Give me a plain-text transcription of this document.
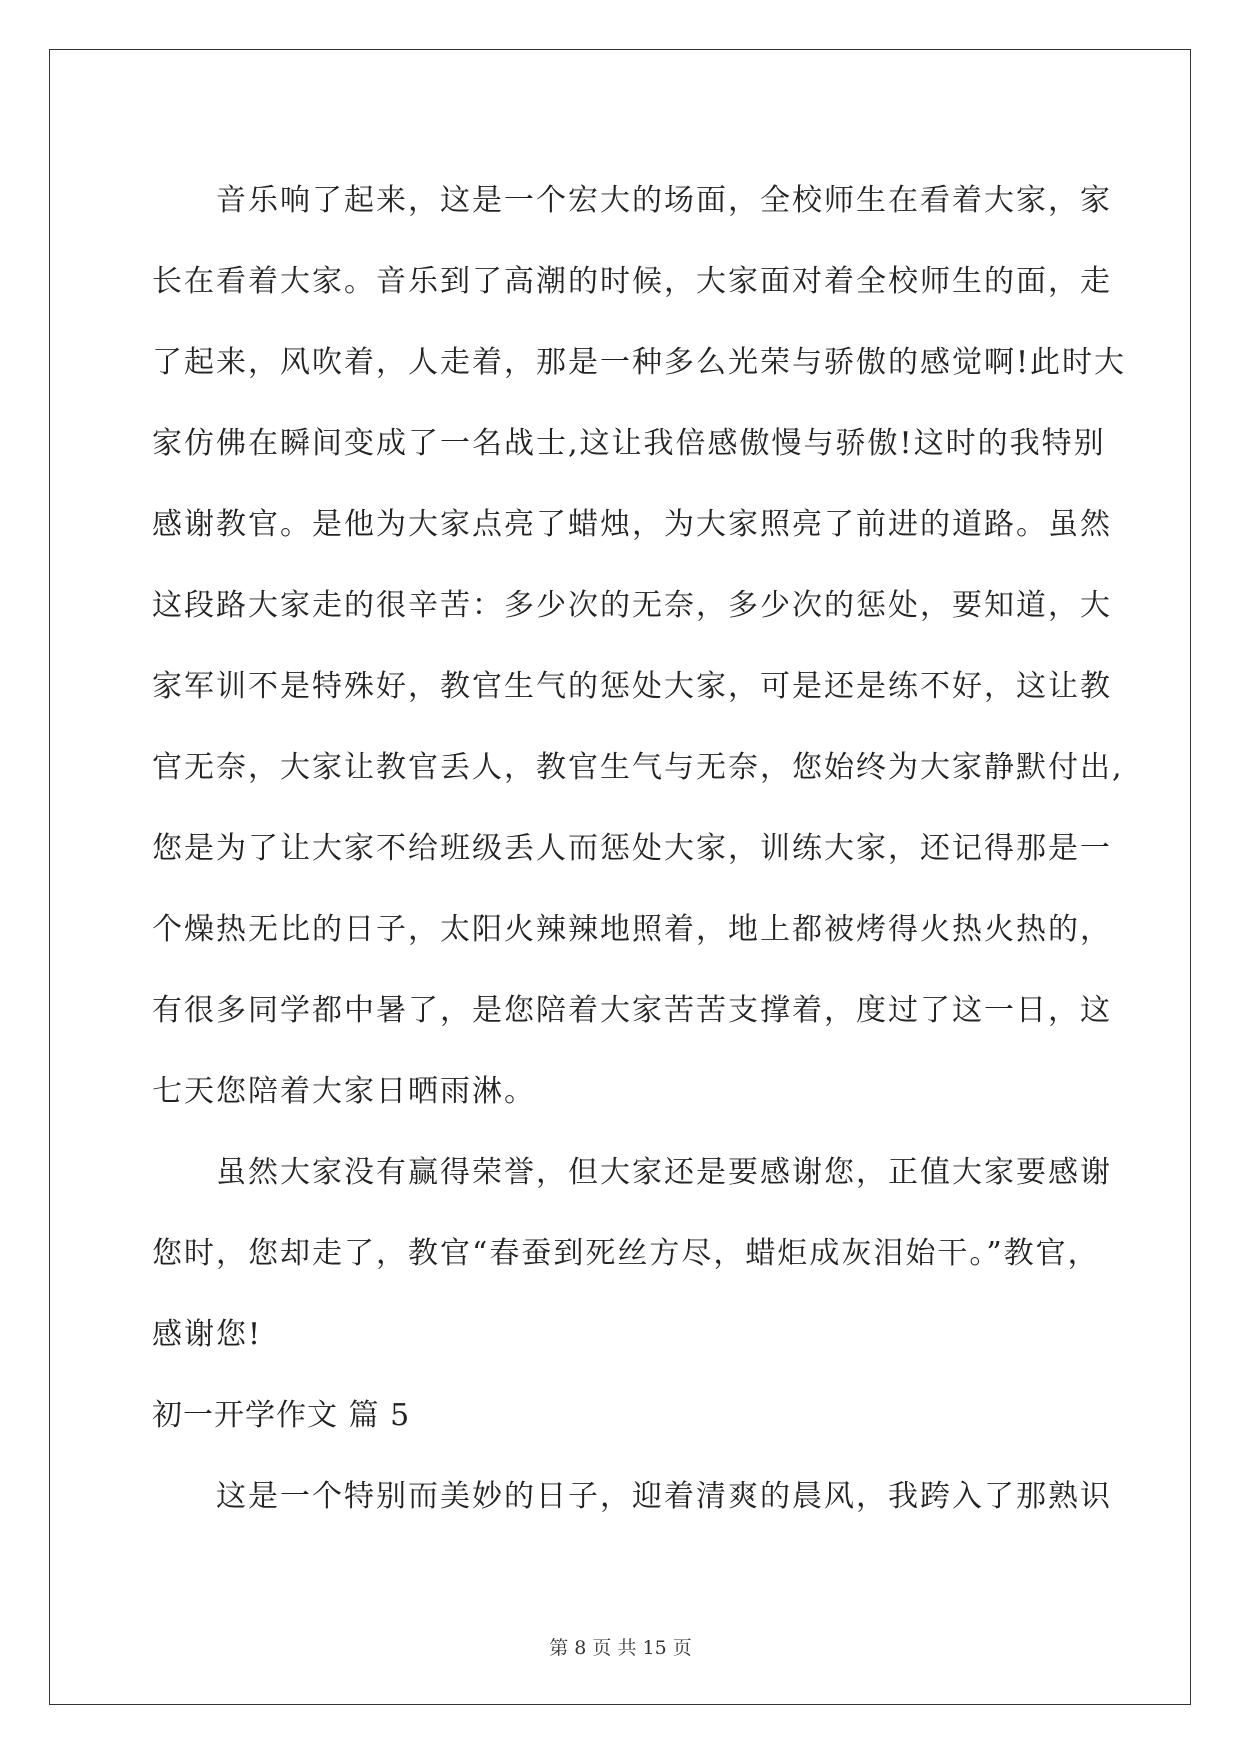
音乐响了起来，这是一个宏大的场面，全校师生在看着大家，家
长在看着大家。音乐到了高潮的时候，大家面对着全校师生的面，走
了起来，风吹着，人走着，那是一种多么光荣与骄傲的感觉啊!此时大
家仿佛在瞬间变成了一名战士,这让我倍感傲慢与骄傲!这时的我特别
感谢教官。是他为大家点亮了蜡烛，为大家照亮了前进的道路。虽然
这段路大家走的很辛苦：多少次的无奈，多少次的惩处，要知道，大
家军训不是特殊好，教官生气的惩处大家，可是还是练不好，这让教
官无奈，大家让教官丢人，教官生气与无奈，您始终为大家静默付出,
您是为了让大家不给班级丢人而惩处大家，训练大家，还记得那是一
个燥热无比的日子，太阳火辣辣地照着，地上都被烤得火热火热的，
有很多同学都中暑了，是您陪着大家苦苦支撑着，度过了这一日，这
七天您陪着大家日晒雨淋。

虽然大家没有赢得荣誉，但大家还是要感谢您，正值大家要感谢
您时，您却走了，教官“春蚕到死丝方尽，蜡炬成灰泪始干。”教官，
感谢您!

初一开学作文 篇 5

这是一个特别而美妙的日子，迎着清爽的晨风，我跨入了那熟识

第 8 页 共 15 页
